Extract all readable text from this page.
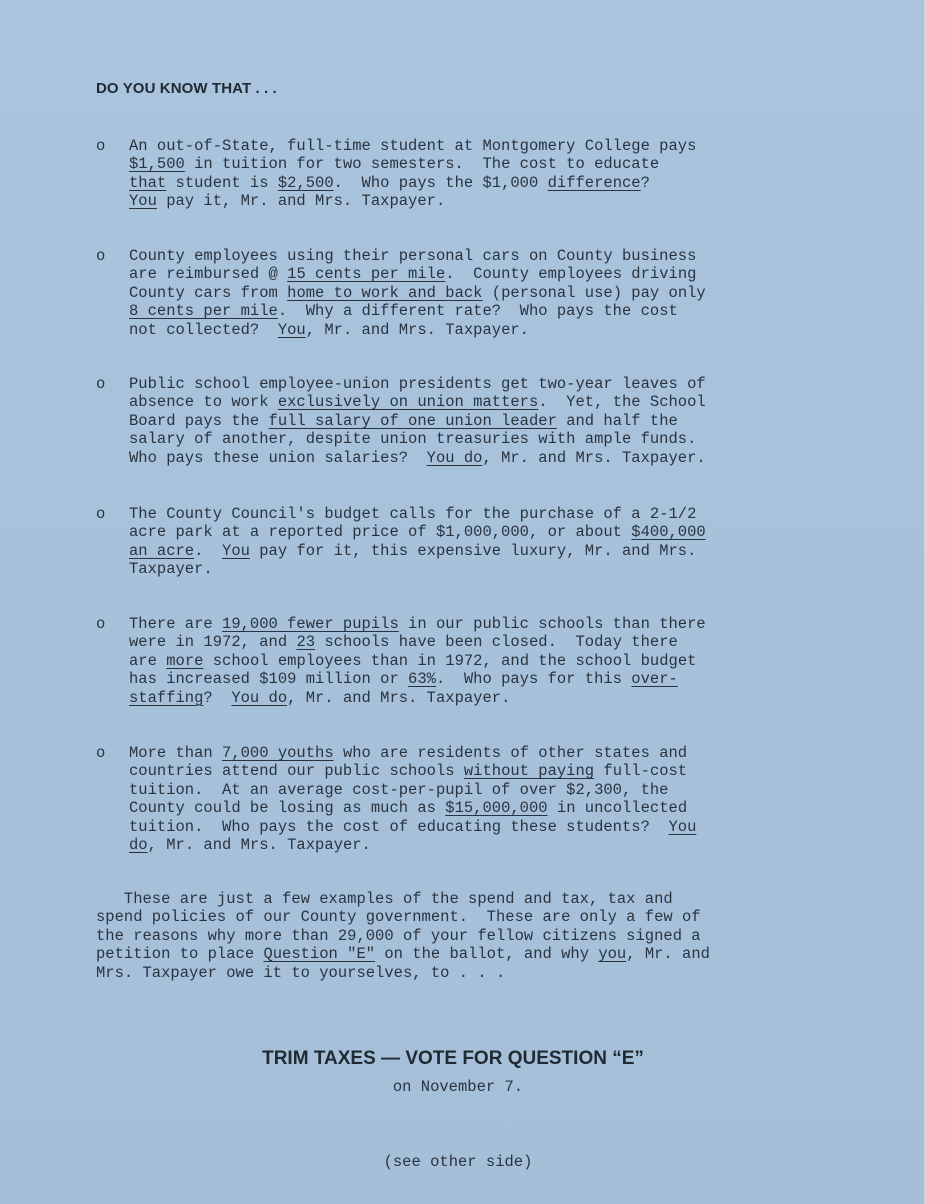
DO YOU KNOW THAT . . .
o An out-of-State, full-time student at Montgomery College pays
$1,500 in tuition for two semesters.  The cost to educate
that student is $2,500.  Who pays the $1,000 difference?
You pay it, Mr. and Mrs. Taxpayer.
o County employees using their personal cars on County business
are reimbursed @ 15 cents per mile.  County employees driving
County cars from home to work and back (personal use) pay only
8 cents per mile.  Why a different rate?  Who pays the cost
not collected?  You, Mr. and Mrs. Taxpayer.
o Public school employee-union presidents get two-year leaves of
absence to work exclusively on union matters.  Yet, the School
Board pays the full salary of one union leader and half the
salary of another, despite union treasuries with ample funds.
Who pays these union salaries?  You do, Mr. and Mrs. Taxpayer.
o The County Council's budget calls for the purchase of a 2-1/2
acre park at a reported price of $1,000,000, or about $400,000
an acre.  You pay for it, this expensive luxury, Mr. and Mrs.
Taxpayer.
o There are 19,000 fewer pupils in our public schools than there
were in 1972, and 23 schools have been closed.  Today there
are more school employees than in 1972, and the school budget
has increased $109 million or 63%.  Who pays for this over-
staffing?  You do, Mr. and Mrs. Taxpayer.
o More than 7,000 youths who are residents of other states and
countries attend our public schools without paying full-cost
tuition.  At an average cost-per-pupil of over $2,300, the
County could be losing as much as $15,000,000 in uncollected
tuition.  Who pays the cost of educating these students?  You
do, Mr. and Mrs. Taxpayer.
These are just a few examples of the spend and tax, tax and
spend policies of our County government.  These are only a few of
the reasons why more than 29,000 of your fellow citizens signed a
petition to place Question "E" on the ballot, and why you, Mr. and
Mrs. Taxpayer owe it to yourselves, to . . .

TRIM TAXES — VOTE FOR QUESTION “E”

on November 7.

(see other side)
